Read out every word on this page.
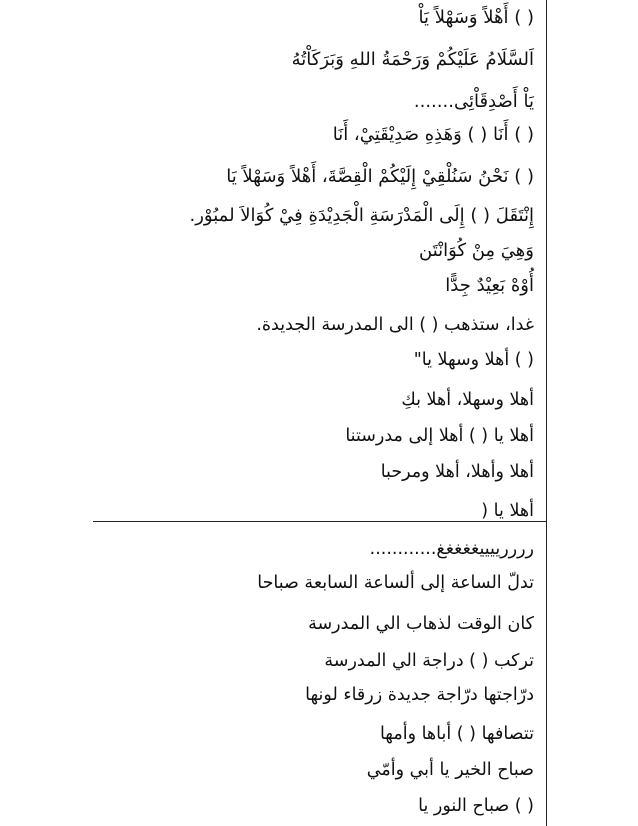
( ) أَهْلاً وَسَهْلاً يَاْ
اَلسَّلَامُ عَلَيْكُمْ وَرَحْمَةُ اللهِ وَبَرَكَاْتُهُ
يَاْ أَصْدِقَاْئِى.......
( ) أَنَا ( ) وَهَذِهِ صَدِيْقَتِيْ، أَنَا
( ) نَحْنُ سَنُلْقِيْ إِلَيْكُمْ الْقِصَّةَ، أَهْلاً وَسَهْلاً يَا
إِنْتَقَلَ ( ) إِلَى الْمَدْرَسَةِ الْجَدِيْدَةِ فِيْ كُوَالاَ لمبُوْر.
وَهِيَ مِنْ كُوَانْتَن
أُوْهْ بَعِيْدٌ جِدًّا
غدا، ستذهب ( ) الى المدرسة الجديدة.
( ) أهلا وسهلا يا"
أهلا وسهلا، أهلا بكِ
أهلا يا ( ) أهلا إلى مدرستنا
أهلا وأهلا، أهلا ومرحبا
أهلا يا (
ررررييييغغغغغ............
تدلّ الساعة إلى ألساعة السابعة صباحا
كان الوقت لذهاب الي المدرسة
تركب ( ) دراجة الي المدرسة
درّاجتها درّاجة جديدة زرقاء لونها
تتصافها ( ) أباها وأمها
صباح الخير يا أبي وأمّي
( ) صباح النور يا
